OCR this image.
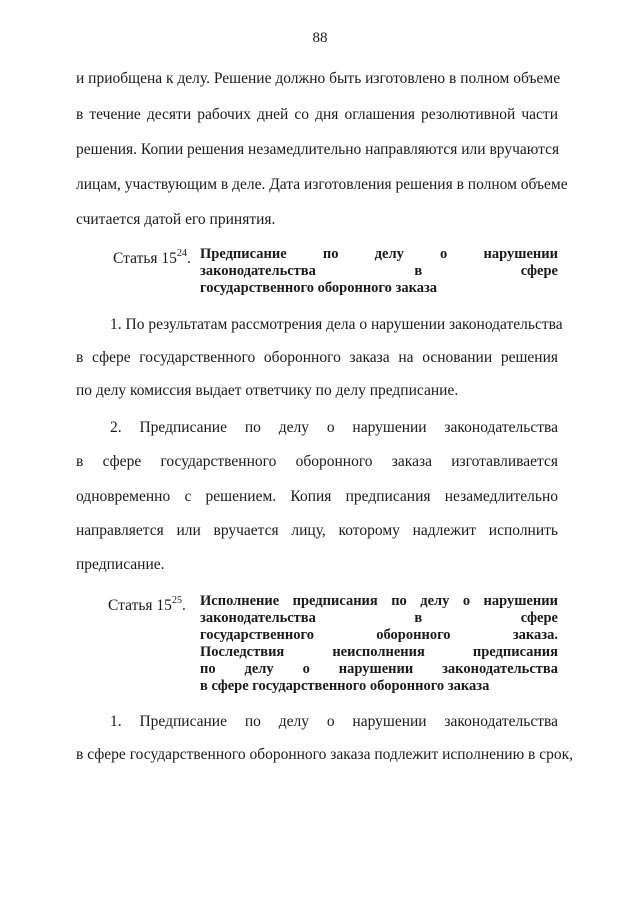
88
и приобщена к делу. Решение должно быть изготовлено в полном объеме
в течение десяти рабочих дней со дня оглашения резолютивной части
решения. Копии решения незамедлительно направляются или вручаются
лицам, участвующим в деле. Дата изготовления решения в полном объеме
считается датой его принятия.
Статья $15^{24}$. Предписание по делу о нарушении
законодательства в сфере
государственного оборонного заказа
1. По результатам рассмотрения дела о нарушении законодательства
в сфере государственного оборонного заказа на основании решения
по делу комиссия выдает ответчику по делу предписание.
2. Предписание по делу о нарушении законодательства
в сфере государственного оборонного заказа изготавливается
одновременно с решением. Копия предписания незамедлительно
направляется или вручается лицу, которому надлежит исполнить
предписание.
Статья $15^{25}$. Исполнение предписания по делу о нарушении
законодательства в сфере
государственного оборонного заказа.
Последствия неисполнения предписания
по делу о нарушении законодательства
в сфере государственного оборонного заказа
1. Предписание по делу о нарушении законодательства
в сфере государственного оборонного заказа подлежит исполнению в срок,
